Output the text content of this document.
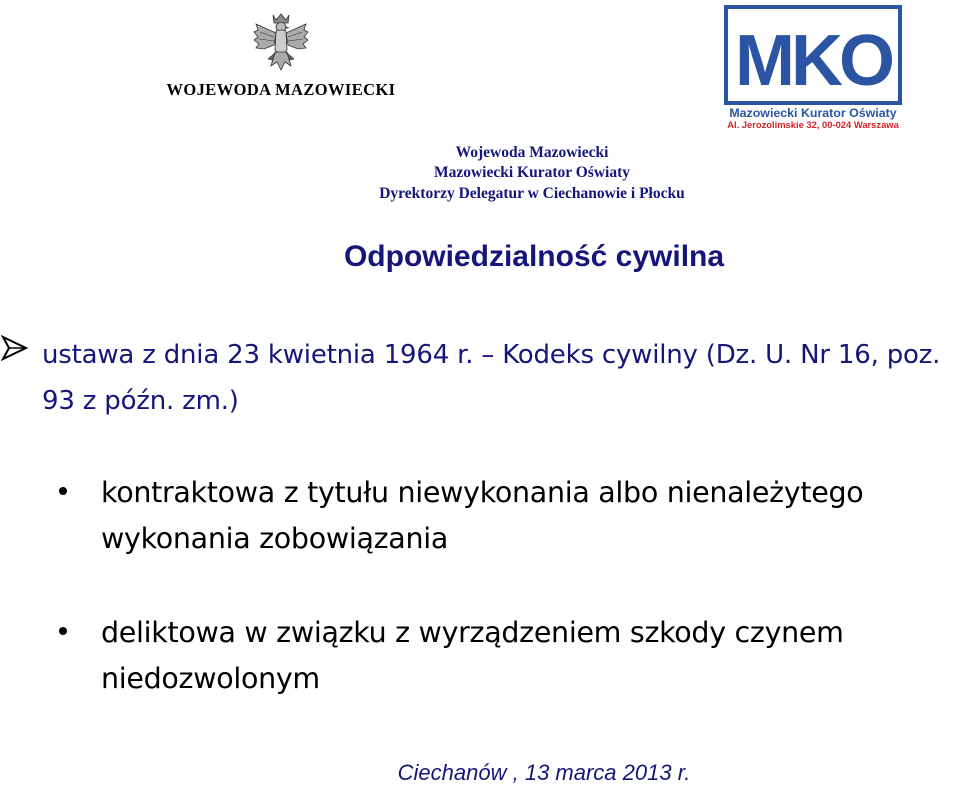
WOJEWODA MAZOWIECKI	MKO
Mazowiecki Kurator Oświaty
Al. Jerozolimskie 32, 00-024 Warszawa
Wojewoda Mazowiecki
Mazowiecki Kurator Oświaty
Dyrektorzy Delegatur w Ciechanowie i Płocku
Odpowiedzialność cywilna
ustawa z dnia 23 kwietnia 1964 r. – Kodeks cywilny (Dz. U. Nr 16, poz. 93 z późn. zm.)
kontraktowa z tytułu niewykonania albo nienależytego wykonania zobowiązania
deliktowa w związku z wyrządzeniem szkody czynem niedozwolonym
Ciechanów , 13 marca 2013 r.
